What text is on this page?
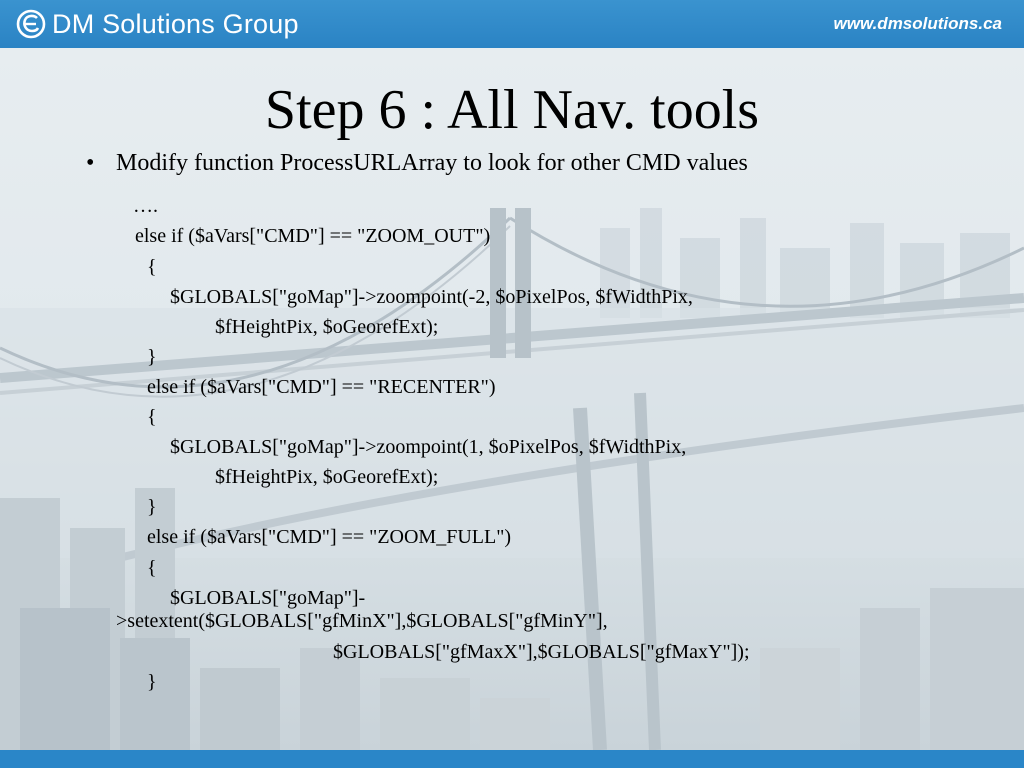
DM Solutions Group	www.dmsolutions.ca
Step 6 : All Nav. tools
• Modify function ProcessURLArray to look for other CMD values
….
else if ($aVars["CMD"] == "ZOOM_OUT")
{
$GLOBALS["goMap"]->zoompoint(-2, $oPixelPos, $fWidthPix,
$fHeightPix, $oGeorefExt);
}
else if ($aVars["CMD"] == "RECENTER")
{
$GLOBALS["goMap"]->zoompoint(1, $oPixelPos, $fWidthPix,
$fHeightPix, $oGeorefExt);
}
else if ($aVars["CMD"] == "ZOOM_FULL")
{
$GLOBALS["goMap"]-
>setextent($GLOBALS["gfMinX"],$GLOBALS["gfMinY"],
$GLOBALS["gfMaxX"],$GLOBALS["gfMaxY"]);
}
